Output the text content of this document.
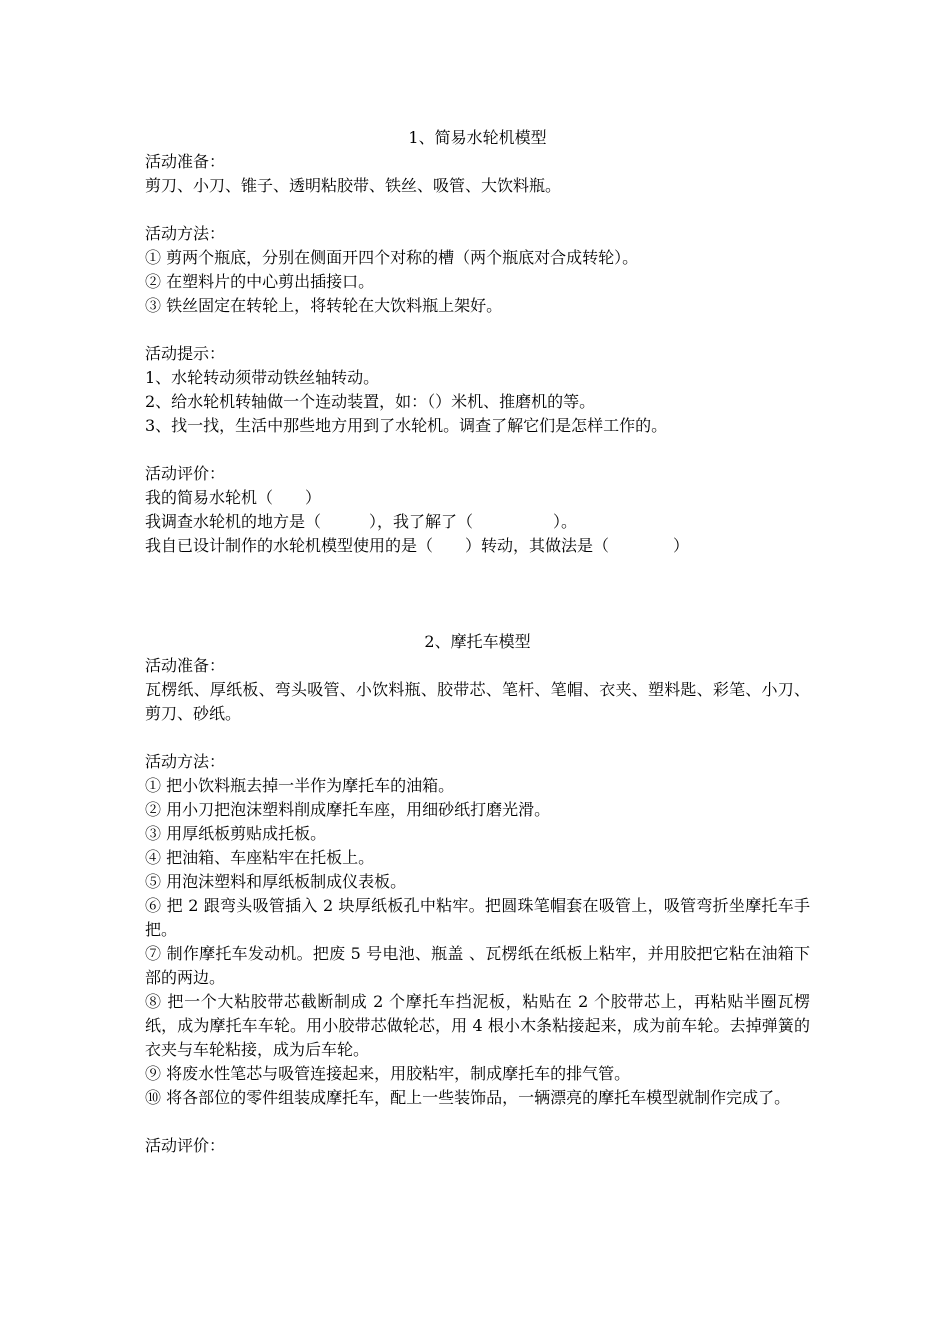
1、简易水轮机模型
活动准备：
剪刀、小刀、锥子、透明粘胶带、铁丝、吸管、大饮料瓶。
活动方法：
① 剪两个瓶底，分别在侧面开四个对称的槽（两个瓶底对合成转轮）。
② 在塑料片的中心剪出插接口。
③ 铁丝固定在转轮上，将转轮在大饮料瓶上架好。
活动提示：
1、水轮转动须带动铁丝轴转动。
2、给水轮机转轴做一个连动装置，如：（）米机、推磨机的等。
3、找一找，生活中那些地方用到了水轮机。调查了解它们是怎样工作的。
活动评价：
我的简易水轮机（　　）
我调查水轮机的地方是（　　　），我了解了（　　　　　）。
我自已设计制作的水轮机模型使用的是（　　）转动，其做法是（　　　　）
2、摩托车模型
活动准备：
瓦楞纸、厚纸板、弯头吸管、小饮料瓶、胶带芯、笔杆、笔帽、衣夹、塑料匙、彩笔、小刀、剪刀、砂纸。
活动方法：
① 把小饮料瓶去掉一半作为摩托车的油箱。
② 用小刀把泡沫塑料削成摩托车座，用细砂纸打磨光滑。
③ 用厚纸板剪贴成托板。
④ 把油箱、车座粘牢在托板上。
⑤ 用泡沫塑料和厚纸板制成仪表板。
⑥ 把 2 跟弯头吸管插入 2 块厚纸板孔中粘牢。把圆珠笔帽套在吸管上，吸管弯折坐摩托车手把。
⑦ 制作摩托车发动机。把废 5 号电池、瓶盖 、瓦楞纸在纸板上粘牢，并用胶把它粘在油箱下部的两边。
⑧ 把一个大粘胶带芯截断制成 2 个摩托车挡泥板，粘贴在 2 个胶带芯上，再粘贴半圈瓦楞纸，成为摩托车车轮。用小胶带芯做轮芯，用 4 根小木条粘接起来，成为前车轮。去掉弹簧的衣夹与车轮粘接，成为后车轮。
⑨ 将废水性笔芯与吸管连接起来，用胶粘牢，制成摩托车的排气管。
⑩ 将各部位的零件组装成摩托车，配上一些装饰品，一辆漂亮的摩托车模型就制作完成了。
活动评价：
